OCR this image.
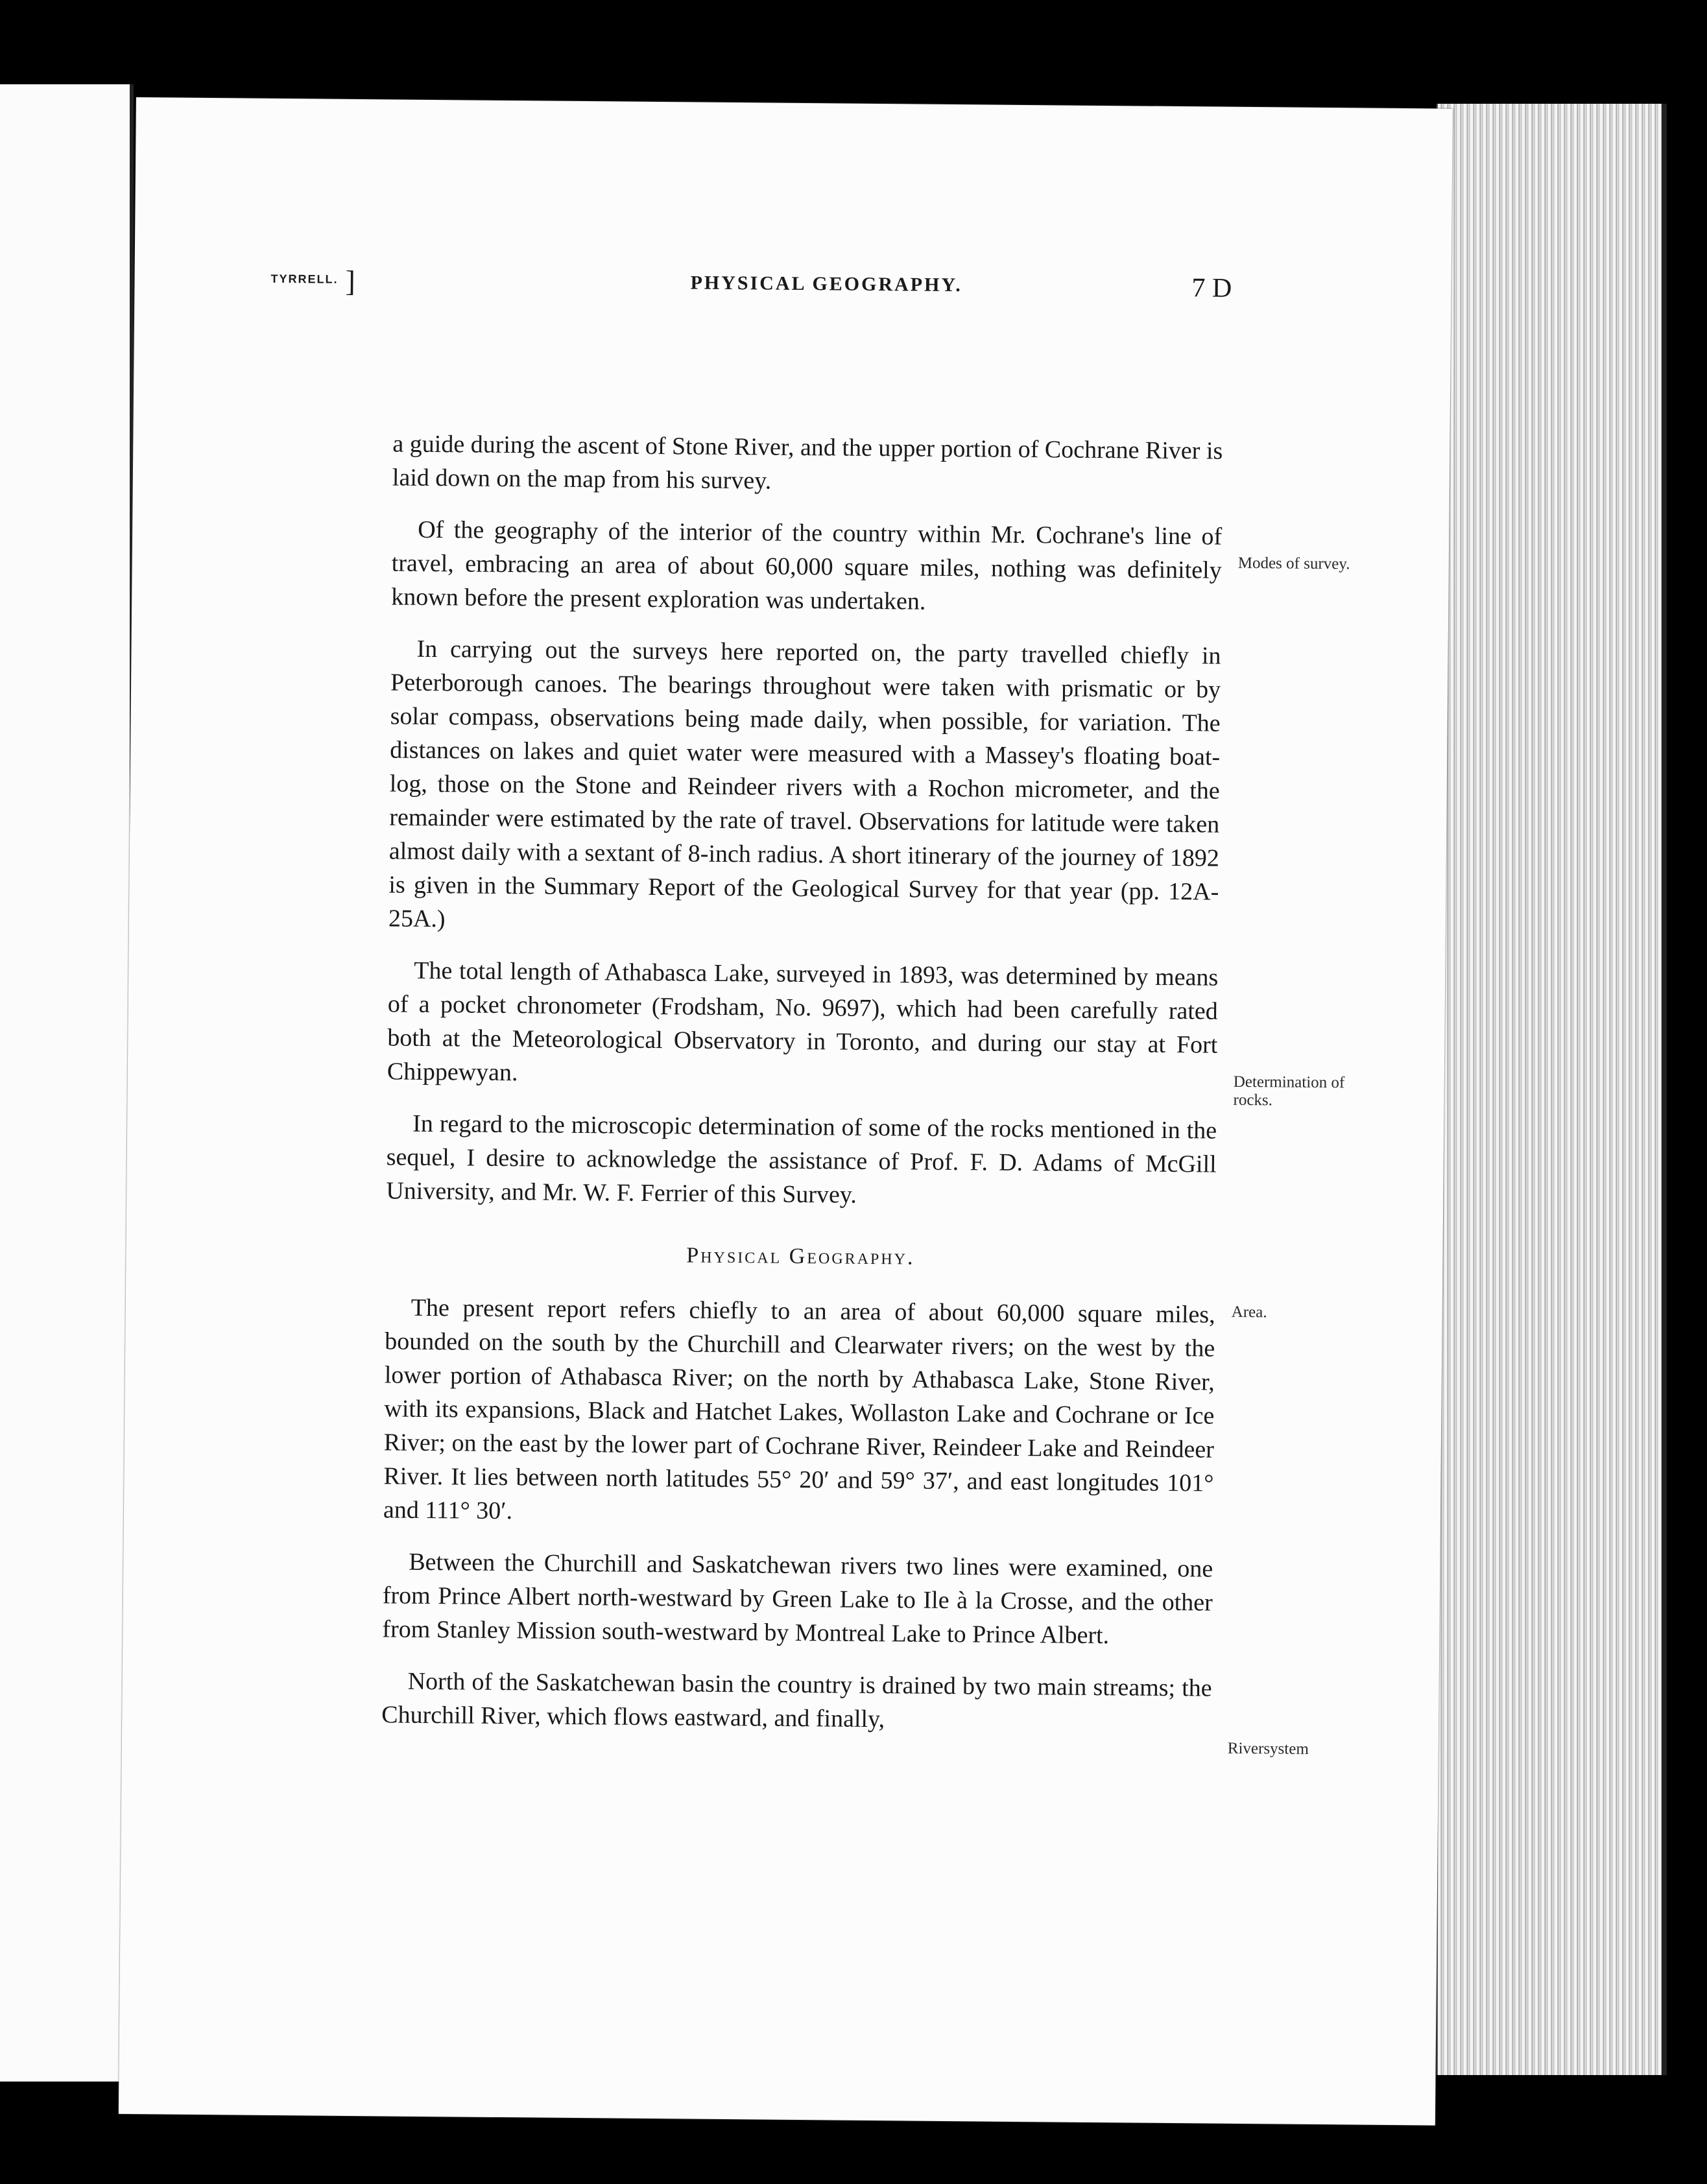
TYRRELL. ]	PHYSICAL GEOGRAPHY.	7 D

a guide during the ascent of Stone River, and the upper portion of Cochrane River is laid down on the map from his survey.

Of the geography of the interior of the country within Mr. Cochrane's line of travel, embracing an area of about 60,000 square miles, nothing was definitely known before the present exploration was undertaken.

In carrying out the surveys here reported on, the party travelled chiefly in Peterborough canoes. The bearings throughout were taken with prismatic or by solar compass, observations being made daily, when possible, for variation. The distances on lakes and quiet water were measured with a Massey's floating boat-log, those on the Stone and Reindeer rivers with a Rochon micrometer, and the remainder were estimated by the rate of travel. Observations for latitude were taken almost daily with a sextant of 8-inch radius. A short itinerary of the journey of 1892 is given in the Summary Report of the Geological Survey for that year (pp. 12A-25A.)

The total length of Athabasca Lake, surveyed in 1893, was determined by means of a pocket chronometer (Frodsham, No. 9697), which had been carefully rated both at the Meteorological Observatory in Toronto, and during our stay at Fort Chippewyan.

In regard to the microscopic determination of some of the rocks mentioned in the sequel, I desire to acknowledge the assistance of Prof. F. D. Adams of McGill University, and Mr. W. F. Ferrier of this Survey.

Physical Geography.

The present report refers chiefly to an area of about 60,000 square miles, bounded on the south by the Churchill and Clearwater rivers; on the west by the lower portion of Athabasca River; on the north by Athabasca Lake, Stone River, with its expansions, Black and Hatchet Lakes, Wollaston Lake and Cochrane or Ice River; on the east by the lower part of Cochrane River, Reindeer Lake and Reindeer River. It lies between north latitudes 55° 20′ and 59° 37′, and east longitudes 101° and 111° 30′.

Between the Churchill and Saskatchewan rivers two lines were examined, one from Prince Albert north-westward by Green Lake to Ile à la Crosse, and the other from Stanley Mission south-westward by Montreal Lake to Prince Albert.

North of the Saskatchewan basin the country is drained by two main streams; the Churchill River, which flows eastward, and finally,

Modes of survey.
Determination of rocks.
Area.
Riversystem
